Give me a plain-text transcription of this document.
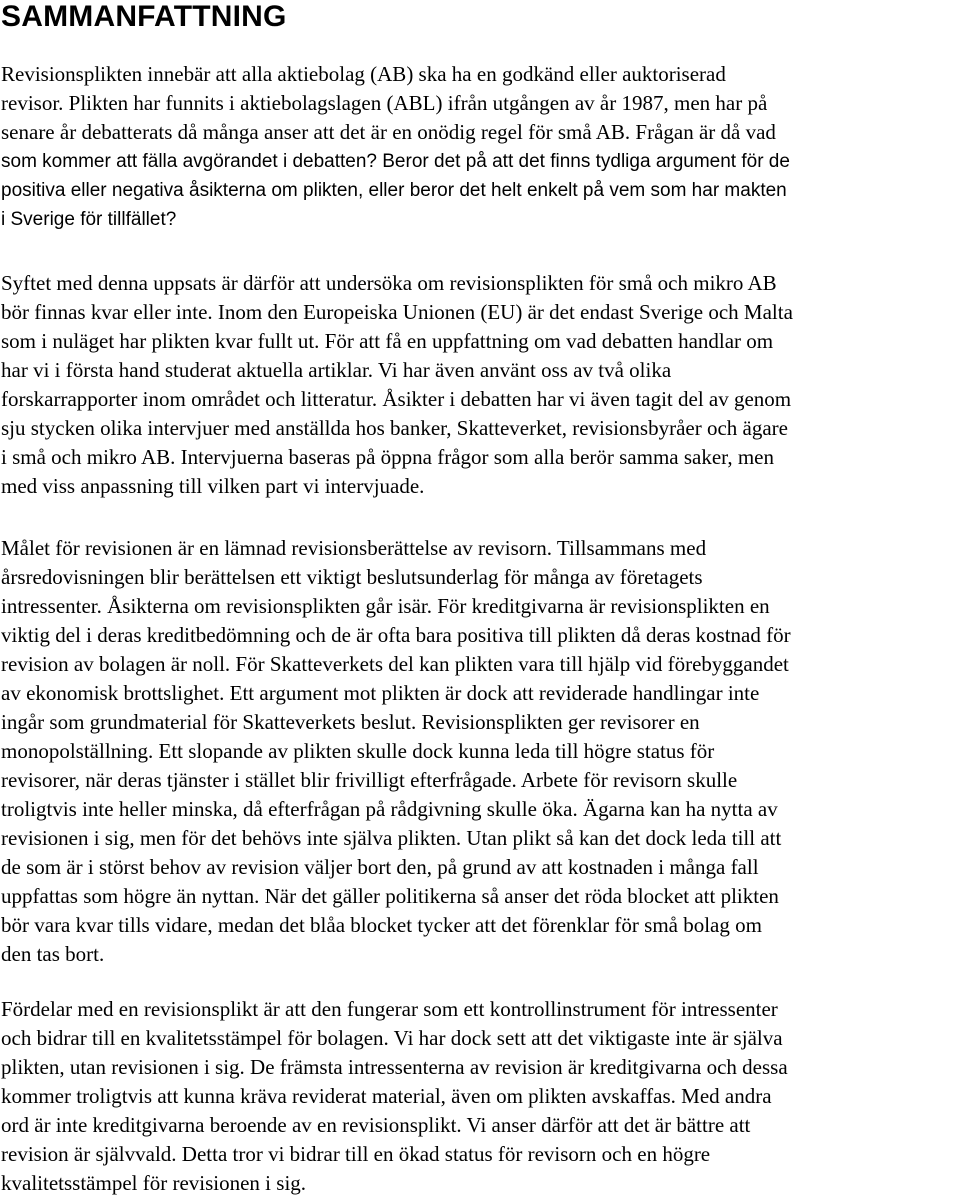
SAMMANFATTNING

Revisionsplikten innebär att alla aktiebolag (AB) ska ha en godkänd eller auktoriserad
revisor. Plikten har funnits i aktiebolagslagen (ABL) ifrån utgången av år 1987, men har på
senare år debatterats då många anser att det är en onödig regel för små AB. Frågan är då vad
som kommer att fälla avgörandet i debatten? Beror det på att det finns tydliga argument för de
positiva eller negativa åsikterna om plikten, eller beror det helt enkelt på vem som har makten
i Sverige för tillfället?

Syftet med denna uppsats är därför att undersöka om revisionsplikten för små och mikro AB
bör finnas kvar eller inte. Inom den Europeiska Unionen (EU) är det endast Sverige och Malta
som i nuläget har plikten kvar fullt ut. För att få en uppfattning om vad debatten handlar om
har vi i första hand studerat aktuella artiklar. Vi har även använt oss av två olika
forskarrapporter inom området och litteratur. Åsikter i debatten har vi även tagit del av genom
sju stycken olika intervjuer med anställda hos banker, Skatteverket, revisionsbyråer och ägare
i små och mikro AB. Intervjuerna baseras på öppna frågor som alla berör samma saker, men
med viss anpassning till vilken part vi intervjuade.

Målet för revisionen är en lämnad revisionsberättelse av revisorn. Tillsammans med
årsredovisningen blir berättelsen ett viktigt beslutsunderlag för många av företagets
intressenter. Åsikterna om revisionsplikten går isär. För kreditgivarna är revisionsplikten en
viktig del i deras kreditbedömning och de är ofta bara positiva till plikten då deras kostnad för
revision av bolagen är noll. För Skatteverkets del kan plikten vara till hjälp vid förebyggandet
av ekonomisk brottslighet. Ett argument mot plikten är dock att reviderade handlingar inte
ingår som grundmaterial för Skatteverkets beslut. Revisionsplikten ger revisorer en
monopolställning. Ett slopande av plikten skulle dock kunna leda till högre status för
revisorer, när deras tjänster i stället blir frivilligt efterfrågade. Arbete för revisorn skulle
troligtvis inte heller minska, då efterfrågan på rådgivning skulle öka. Ägarna kan ha nytta av
revisionen i sig, men för det behövs inte själva plikten. Utan plikt så kan det dock leda till att
de som är i störst behov av revision väljer bort den, på grund av att kostnaden i många fall
uppfattas som högre än nyttan. När det gäller politikerna så anser det röda blocket att plikten
bör vara kvar tills vidare, medan det blåa blocket tycker att det förenklar för små bolag om
den tas bort.

Fördelar med en revisionsplikt är att den fungerar som ett kontrollinstrument för intressenter
och bidrar till en kvalitetsstämpel för bolagen. Vi har dock sett att det viktigaste inte är själva
plikten, utan revisionen i sig. De främsta intressenterna av revision är kreditgivarna och dessa
kommer troligtvis att kunna kräva reviderat material, även om plikten avskaffas. Med andra
ord är inte kreditgivarna beroende av en revisionsplikt. Vi anser därför att det är bättre att
revision är självvald. Detta tror vi bidrar till en ökad status för revisorn och en högre
kvalitetsstämpel för revisionen i sig.
